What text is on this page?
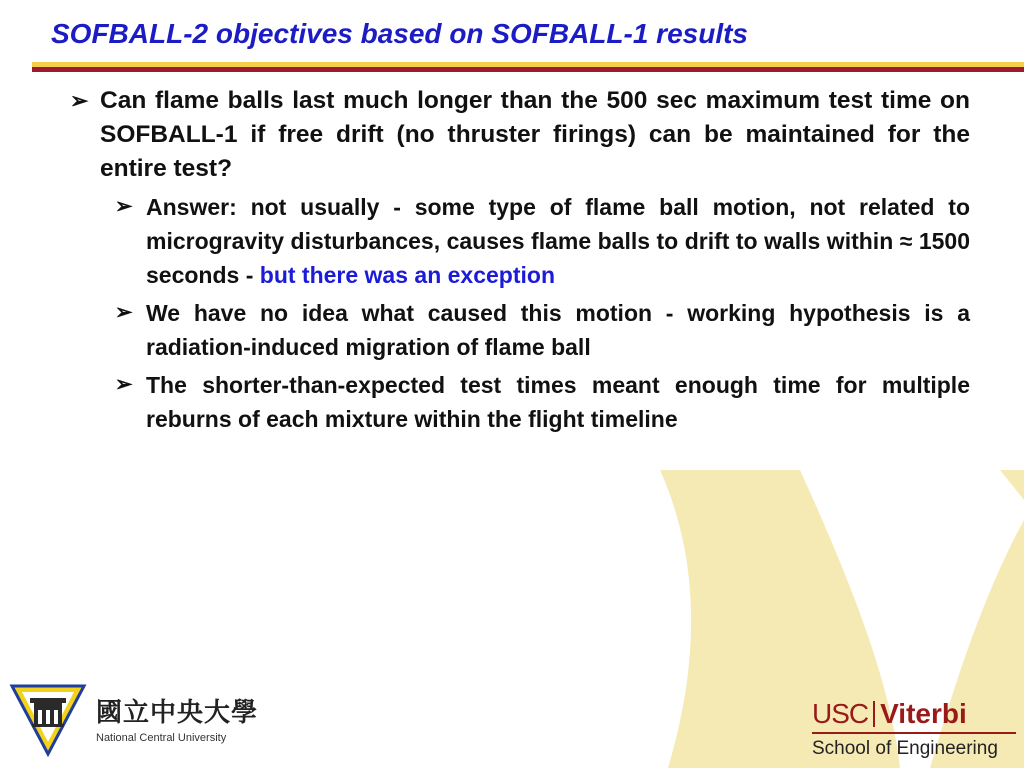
SOFBALL-2 objectives based on SOFBALL-1 results
➢ Can flame balls last much longer than the 500 sec maximum test time on SOFBALL-1 if free drift (no thruster firings) can be maintained for the entire test?
➢ Answer: not usually - some type of flame ball motion, not related to microgravity disturbances, causes flame balls to drift to walls within ≈ 1500 seconds - but there was an exception
➢ We have no idea what caused this motion - working hypothesis is a radiation-induced migration of flame ball
➢ The shorter-than-expected test times meant enough time for multiple reburns of each mixture within the flight timeline
國立中央大學
National Central University
USC Viterbi
School of Engineering
